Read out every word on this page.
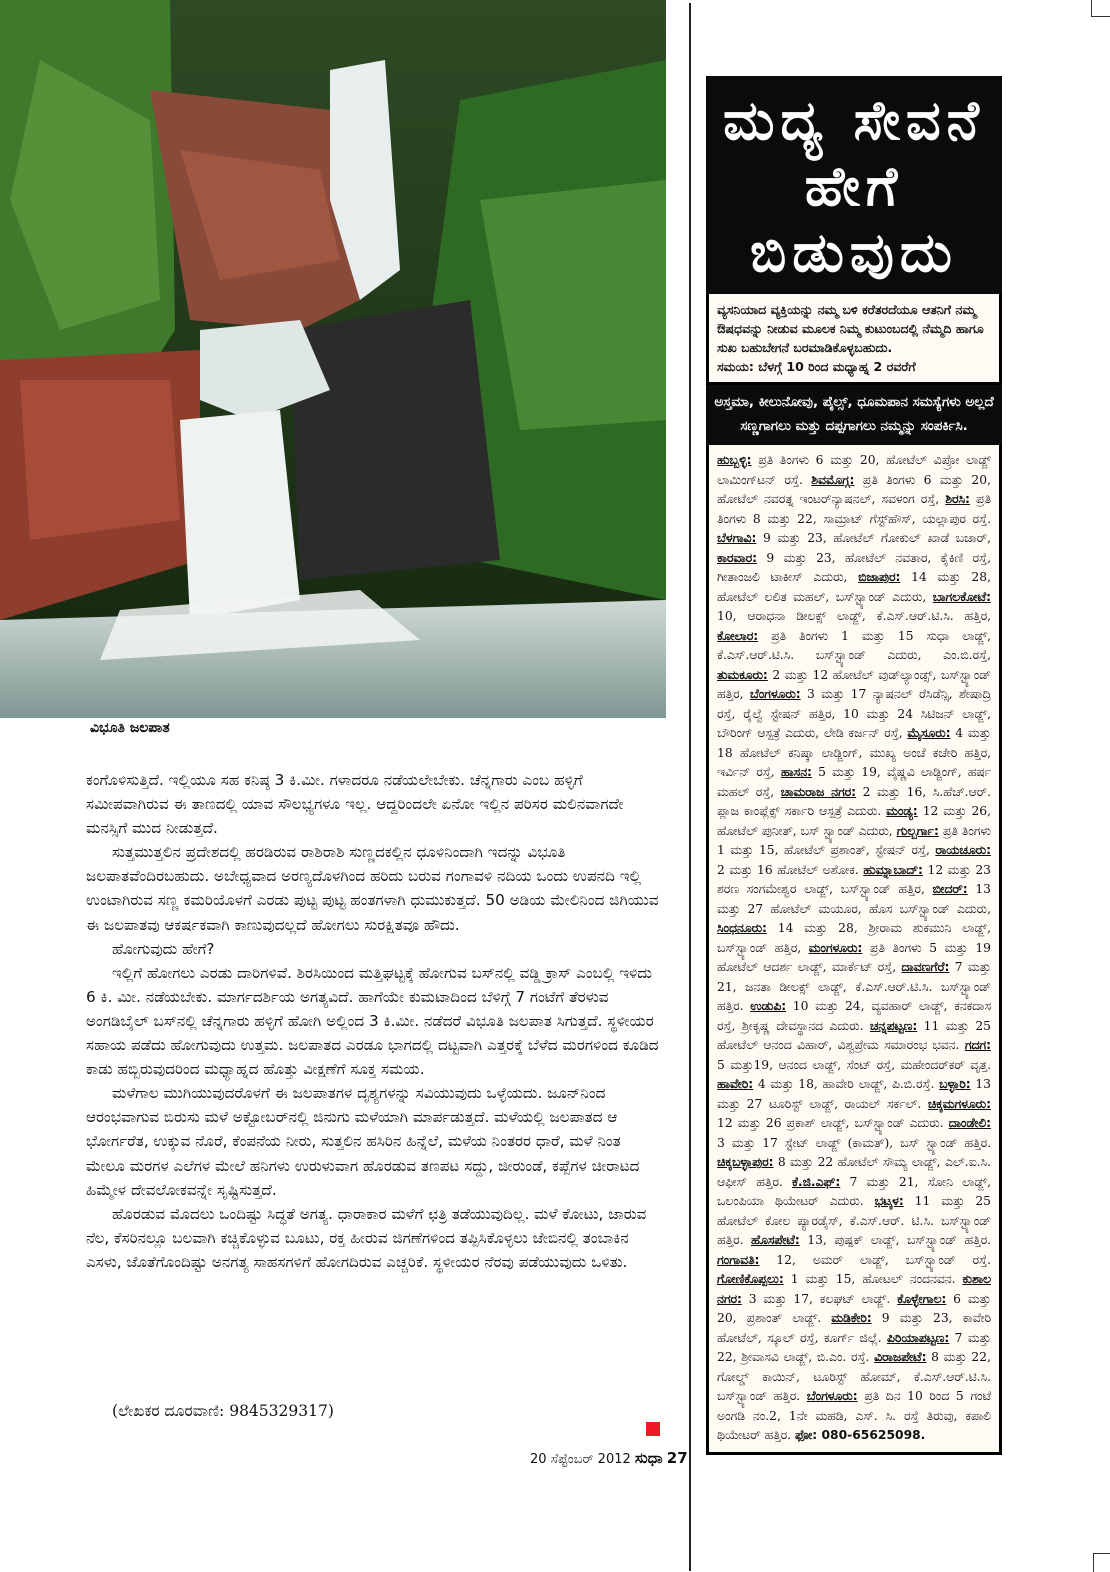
ವಿಭೂತಿ ಜಲಪಾತ

ಕಂಗೊಳಿಸುತ್ತಿದೆ. ಇಲ್ಲಿಯೂ ಸಹ ಕನಿಷ್ಠ 3 ಕಿ.ಮೀ. ಗಳಾದರೂ ನಡೆಯಲೇಬೇಕು. ಚೆನ್ನಗಾರು ಎಂಬ ಹಳ್ಳಿಗೆ ಸಮೀಪವಾಗಿರುವ ಈ ತಾಣದಲ್ಲಿ ಯಾವ ಸೌಲಭ್ಯಗಳೂ ಇಲ್ಲ. ಆದ್ದರಿಂದಲೇ ಏನೋ ಇಲ್ಲಿನ ಪರಿಸರ ಮಲಿನವಾಗದೇ ಮನಸ್ಸಿಗೆ ಮುದ ನೀಡುತ್ತದೆ.

ಸುತ್ತಮುತ್ತಲಿನ ಪ್ರದೇಶದಲ್ಲಿ ಹರಡಿರುವ ರಾಶಿರಾಶಿ ಸುಣ್ಣದಕಲ್ಲಿನ ಧೂಳಿನಿಂದಾಗಿ ಇದನ್ನು ವಿಭೂತಿ ಜಲಪಾತವೆಂದಿರಬಹುದು. ಅಬೇಧ್ಯವಾದ ಅರಣ್ಯದೊಳಗಿಂದ ಹರಿದು ಬರುವ ಗಂಗಾವಳಿ ನದಿಯ ಒಂದು ಉಪನದಿ ಇಲ್ಲಿ ಉಂಟಾಗಿರುವ ಸಣ್ಣ ಕಮರಿಯೊಳಗೆ ಎರಡು ಪುಟ್ಟ ಪುಟ್ಟ ಹಂತಗಳಾಗಿ ಧುಮುಕುತ್ತದೆ. 50 ಅಡಿಯ ಮೇಲಿನಿಂದ ಜಿಗಿಯುವ ಈ ಜಲಪಾತವು ಆಕರ್ಷಕವಾಗಿ ಕಾಣುವುದಲ್ಲದೆ ಹೋಗಲು ಸುರಕ್ಷಿತವೂ ಹೌದು.

ಹೋಗುವುದು ಹೇಗೆ?

ಇಲ್ಲಿಗೆ ಹೋಗಲು ಎರಡು ದಾರಿಗಳಿವೆ. ಶಿರಸಿಯಿಂದ ಮತ್ತಿಘಟ್ಟಕ್ಕೆ ಹೋಗುವ ಬಸ್‌ನಲ್ಲಿ ವಡ್ಡಿ ಕ್ರಾಸ್ ಎಂಬಲ್ಲಿ ಇಳಿದು 6 ಕಿ. ಮೀ. ನಡೆಯಬೇಕು. ಮಾರ್ಗದರ್ಶಿಯ ಅಗತ್ಯವಿದೆ. ಹಾಗೆಯೇ ಕುಮಟಾದಿಂದ ಬೆಳಿಗ್ಗೆ 7 ಗಂಟೆಗೆ ತೆರಳುವ ಅಂಗಡಿಬೈಲ್ ಬಸ್‌ನಲ್ಲಿ ಚೆನ್ನಗಾರು ಹಳ್ಳಿಗೆ ಹೋಗಿ ಅಲ್ಲಿಂದ 3 ಕಿ.ಮೀ. ನಡೆದರೆ ವಿಭೂತಿ ಜಲಪಾತ ಸಿಗುತ್ತದೆ. ಸ್ಥಳೀಯರ ಸಹಾಯ ಪಡೆದು ಹೋಗುವುದು ಉತ್ತಮ. ಜಲಪಾತದ ಎರಡೂ ಭಾಗದಲ್ಲಿ ದಟ್ಟವಾಗಿ ಎತ್ತರಕ್ಕೆ ಬೆಳೆದ ಮರಗಳಿಂದ ಕೂಡಿದ ಕಾಡು ಹಬ್ಬಿರುವುದರಿಂದ ಮಧ್ಯಾಹ್ನದ ಹೊತ್ತು ವೀಕ್ಷಣೆಗೆ ಸೂಕ್ತ ಸಮಯ.

ಮಳೆಗಾಲ ಮುಗಿಯುವುದರೊಳಗೆ ಈ ಜಲಪಾತಗಳ ದೃಶ್ಯಗಳನ್ನು ಸವಿಯುವುದು ಒಳ್ಳೆಯದು. ಜೂನ್‌ನಿಂದ ಆರಂಭವಾಗುವ ಬಿರುಸು ಮಳೆ ಅಕ್ಟೋಬರ್‌ನಲ್ಲಿ ಜಿನುಗು ಮಳೆಯಾಗಿ ಮಾರ್ಪಡುತ್ತದೆ. ಮಳೆಯಲ್ಲಿ ಜಲಪಾತದ ಆ ಭೋರ್ಗರೆತ, ಉಕ್ಕುವ ನೊರೆ, ಕೆಂಪನೆಯ ನೀರು, ಸುತ್ತಲಿನ ಹಸಿರಿನ ಹಿನ್ನೆಲೆ, ಮಳೆಯ ನಿಂತರರ ಧಾರೆ, ಮಳೆ ನಿಂತ ಮೇಲೂ ಮರಗಳ ಎಲೆಗಳ ಮೇಲೆ ಹನಿಗಳು ಉರುಳುವಾಗ ಹೊರಡುವ ತಣಪಟ ಸದ್ದು, ಜೀರುಂಡೆ, ಕಪ್ಪೆಗಳ ಚೀರಾಟದ ಹಿಮ್ಮೇಳ ದೇವಲೋಕವನ್ನೇ ಸೃಷ್ಟಿಸುತ್ತದೆ.

ಹೊರಡುವ ಮೊದಲು ಒಂದಿಷ್ಟು ಸಿದ್ಧತೆ ಅಗತ್ಯ. ಧಾರಾಕಾರ ಮಳೆಗೆ ಛತ್ರಿ ತಡೆಯುವುದಿಲ್ಲ. ಮಳೆ ಕೋಟು, ಜಾರುವ ನೆಲ, ಕೆಸರಿನಲ್ಲೂ ಬಲವಾಗಿ ಕಚ್ಚಿಕೊಳ್ಳುವ ಬೂಟು, ರಕ್ತ ಹೀರುವ ಜಿಗಣೆಗಳಿಂದ ತಪ್ಪಿಸಿಕೊಳ್ಳಲು ಜೇಬಿನಲ್ಲಿ ತಂಬಾಕಿನ ಎಸಳು, ಜೊತೆಗೊಂದಿಷ್ಟು ಅನಗತ್ಯ ಸಾಹಸಗಳಿಗೆ ಹೋಗದಿರುವ ಎಚ್ಚರಿಕೆ. ಸ್ಥಳೀಯರ ನೆರವು ಪಡೆಯುವುದು ಒಳಿತು.

(ಲೇಖಕರ ದೂರವಾಣಿ: 9845329317)
20 ಸೆಪ್ಟೆಂಬರ್ 2012 ಸುಧಾ 27
ಮದ್ಯ ಸೇವನೆ
ಹೇಗೆ ಬಿಡುವುದು
ವ್ಯಸನಿಯಾದ ವ್ಯಕ್ತಿಯನ್ನು ನಮ್ಮ ಬಳಿ ಕರೆತರದೆಯೂ ಆತನಿಗೆ ನಮ್ಮ ಔಷಧವನ್ನು ನೀಡುವ ಮೂಲಕ ನಿಮ್ಮ ಕುಟುಂಬದಲ್ಲಿ ನೆಮ್ಮದಿ ಹಾಗೂ ಸುಖ ಬಹುಬೇಗನೆ ಬರಮಾಡಿಕೊಳ್ಳಬಹುದು.
ಸಮಯ: ಬೆಳಗ್ಗೆ 10 ರಿಂದ ಮಧ್ಯಾಹ್ನ 2 ರವರೆಗೆ
ಅಸ್ತಮಾ, ಕೀಲುನೋವು, ಪೈಲ್ಸ್, ಧೂಮಪಾನ ಸಮಸ್ಯೆಗಳು ಅಲ್ಲದೆ ಸಣ್ಣಗಾಗಲು ಮತ್ತು ದಪ್ಪಗಾಗಲು ನಮ್ಮನ್ನು ಸಂಪರ್ಕಿಸಿ.
ಹುಬ್ಬಳ್ಳಿ: ಪ್ರತಿ ತಿಂಗಳು 6 ಮತ್ತು 20, ಹೋಟೆಲ್ ವಿಪ್ರೋ ಲಾಡ್ಜ್ ಲಾಮಿಂಗ್‌ಟನ್ ರಸ್ತೆ. ಶಿವಮೊಗ್ಗ: ಪ್ರತಿ ತಿಂಗಳು 6 ಮತ್ತು 20, ಹೋಟೆಲ್ ನವರತ್ನ ಇಂಟರ್‌ನ್ಯಾಷನಲ್, ಸವಳಂಗ ರಸ್ತೆ, ಶಿರಸಿ: ಪ್ರತಿ ತಿಂಗಳು 8 ಮತ್ತು 22, ಸಾಮ್ರಾಟ್ ಗೆಸ್ಟ್‌ಹೌಸ್, ಯಲ್ಲಾಪುರ ರಸ್ತೆ. ಬೆಳಗಾವಿ: 9 ಮತ್ತು 23, ಹೋಟೆಲ್ ಗೋಕುಲ್ ಖಾಡೆ ಬಜಾರ್, ಕಾರವಾರ: 9 ಮತ್ತು 23, ಹೋಟೆಲ್ ನವತಾರ, ಕೈಕಿಣಿ ರಸ್ತೆ, ಗೀತಾಂಜಲಿ ಟಾಕೀಸ್ ಎದುರು, ಬಿಜಾಪುರ: 14 ಮತ್ತು 28, ಹೋಟೆಲ್ ಲಲಿತ ಮಹಲ್, ಬಸ್‌ಸ್ಟ್ಯಾಂಡ್ ಎದುರು, ಬಾಗಲಕೋಟೆ: 10, ಆರಾಧನಾ ಡೀಲಕ್ಸ್ ಲಾಡ್ಜ್, ಕೆ.ಎಸ್.ಆರ್.ಟಿ.ಸಿ. ಹತ್ತಿರ, ಕೋಲಾರ: ಪ್ರತಿ ತಿಂಗಳು 1 ಮತ್ತು 15 ಸುಧಾ ಲಾಡ್ಜ್, ಕೆ.ಎಸ್.ಆರ್.ಟಿ.ಸಿ. ಬಸ್‌ಸ್ಟ್ಯಾಂಡ್ ಎದುರು, ಎಂ.ಬಿ.ರಸ್ತೆ, ತುಮಕೂರು: 2 ಮತ್ತು 12 ಹೋಟೆಲ್ ವುಡ್‌ಲ್ಯಾಂಡ್ಸ್, ಬಸ್‌ಸ್ಟ್ಯಾಂಡ್ ಹತ್ತಿರ, ಬೆಂಗಳೂರು: 3 ಮತ್ತು 17 ನ್ಯಾಷನಲ್ ರೆಸಿಡೆನ್ಸಿ, ಶೇಷಾದ್ರಿ ರಸ್ತೆ, ರೈಲ್ವೆ ಸ್ಟೇಷನ್ ಹತ್ತಿರ, 10 ಮತ್ತು 24 ಸಿಟಿಜನ್ ಲಾಡ್ಜ್, ಬೌರಿಂಗ್ ಆಸ್ಪತ್ರೆ ಎದುರು, ಲೇಡಿ ಕರ್ಜನ್ ರಸ್ತೆ, ಮೈಸೂರು: 4 ಮತ್ತು 18 ಹೋಟೆಲ್ ಕನಿಷ್ಕಾ ಲಾಡ್ಜಿಂಗ್, ಮುಖ್ಯ ಅಂಚೆ ಕಚೇರಿ ಹತ್ತಿರ, ಇರ್ವಿನ್ ರಸ್ತೆ, ಹಾಸನ: 5 ಮತ್ತು 19, ವೈಷ್ಣವಿ ಲಾಡ್ಜಿಂಗ್, ಹರ್ಷ ಮಹಲ್ ರಸ್ತೆ, ಚಾಮರಾಜ ನಗರ: 2 ಮತ್ತು 16, ಸಿ.ಹೆಚ್.ಆರ್. ಪ್ಲಾಜ ಕಾಂಪ್ಲೆಕ್ಸ್ ಸರ್ಕಾರಿ ಆಸ್ಪತ್ರೆ ಎದುರು. ಮಂಡ್ಯ: 12 ಮತ್ತು 26, ಹೋಟೆಲ್ ಪುನೀತ್, ಬಸ್ ಸ್ಟ್ಯಾಂಡ್ ಎದುರು, ಗುಲ್ಬರ್ಗಾ: ಪ್ರತಿ ತಿಂಗಳು 1 ಮತ್ತು 15, ಹೋಟೆಲ್ ಪ್ರಶಾಂತ್, ಸ್ಟೇಷನ್ ರಸ್ತೆ, ರಾಯಚೂರು: 2 ಮತ್ತು 16 ಹೋಟೆಲ್ ಅಶೋಕ. ಹುಮ್ನಾಬಾದ್: 12 ಮತ್ತು 23 ಶರಣ ಸಂಗಮೇಶ್ವರ ಲಾಡ್ಜ್, ಬಸ್‌ಸ್ಟ್ಯಾಂಡ್ ಹತ್ತಿರ, ಬೀದರ್: 13 ಮತ್ತು 27 ಹೋಟೆಲ್ ಮಯೂರ, ಹೊಸ ಬಸ್‌ಸ್ಟ್ಯಾಂಡ್ ಎದುರು, ಸಿಂಧನೂರು: 14 ಮತ್ತು 28, ಶ್ರೀರಾಮ ಶುಕಮುನಿ ಲಾಡ್ಜ್, ಬಸ್‌ಸ್ಟ್ಯಾಂಡ್ ಹತ್ತಿರ, ಮಂಗಳೂರು: ಪ್ರತಿ ತಿಂಗಳು 5 ಮತ್ತು 19 ಹೋಟೆಲ್ ಆದರ್ಶ ಲಾಡ್ಜ್, ಮಾರ್ಕೆಟ್ ರಸ್ತೆ, ದಾವಣಗೆರೆ: 7 ಮತ್ತು 21, ಜನತಾ ಡೀಲಕ್ಸ್ ಲಾಡ್ಜ್, ಕೆ.ಎಸ್.ಆರ್.ಟಿ.ಸಿ. ಬಸ್‌ಸ್ಟ್ಯಾಂಡ್ ಹತ್ತಿರ. ಉಡುಪಿ: 10 ಮತ್ತು 24, ವ್ಯವಹಾರ್ ಲಾಡ್ಜ್, ಕನಕದಾಸ ರಸ್ತೆ, ಶ್ರೀಕೃಷ್ಣ ದೇವಸ್ಥಾನದ ಎದುರು. ಚನ್ನಪಟ್ಟಣ: 11 ಮತ್ತು 25 ಹೋಟೆಲ್ ಆನಂದ ವಿಹಾರ್, ವಿಶ್ವಪ್ರೇಮ ಸಮಾರಂಭ ಭವನ. ಗದಗ: 5 ಮತ್ತು19, ಆನಂದ ಲಾಡ್ಜ್, ಸೆಂಟ್ ರಸ್ತೆ, ಮಹೇಂದರ್‌ಕರ್ ವೃತ್ತ. ಹಾವೇರಿ: 4 ಮತ್ತು 18, ಹಾವೇರಿ ಲಾಡ್ಜ್, ಪಿ.ಬಿ.ರಸ್ತೆ. ಬಳ್ಳಾರಿ: 13 ಮತ್ತು 27 ಟೂರಿಸ್ಟ್ ಲಾಡ್ಜ್, ರಾಯಲ್ ಸರ್ಕಲ್. ಚಿಕ್ಕಮಗಳೂರು: 12 ಮತ್ತು 26 ಪ್ರಕಾಶ್ ಲಾಡ್ಜ್, ಬಸ್‌ಸ್ಟ್ಯಾಂಡ್ ಎದುರು. ದಾಂಡೇಲಿ: 3 ಮತ್ತು 17 ಸ್ಟೇಟ್ ಲಾಡ್ಜ್ (ಕಾಮತ್), ಬಸ್ ಸ್ಟ್ಯಾಂಡ್ ಹತ್ತಿರ. ಚಿಕ್ಕಬಳ್ಳಾಪುರ: 8 ಮತ್ತು 22 ಹೋಟೆಲ್ ಸೌಮ್ಯ ಲಾಡ್ಜ್, ಎಲ್.ಐ.ಸಿ. ಆಫೀಸ್ ಹತ್ತಿರ. ಕೆ.ಜಿ.ಎಫ್: 7 ಮತ್ತು 21, ಸೋನಿ ಲಾಡ್ಜ್, ಒಲಂಪಿಯಾ ಥಿಯೇಟರ್ ಎದುರು. ಭಟ್ಕಳ: 11 ಮತ್ತು 25 ಹೋಟೆಲ್ ಕೋಲ ಪ್ಯಾರಡೈಸ್, ಕೆ.ಎಸ್.ಆರ್. ಟಿ.ಸಿ. ಬಸ್‌ಸ್ಟ್ಯಾಂಡ್ ಹತ್ತಿರ. ಹೊಸಪೇಟೆ: 13, ಪುಷ್ಪಕ್ ಲಾಡ್ಜ್, ಬಸ್‌ಸ್ಟ್ಯಾಂಡ್ ಹತ್ತಿರ. ಗಂಗಾವತಿ: 12, ಅಮರ್ ಲಾಡ್ಜ್, ಬಸ್‌ಸ್ಟ್ಯಾಂಡ್ ರಸ್ತೆ. ಗೋಣಿಕೊಪ್ಪಲು: 1 ಮತ್ತು 15, ಹೋಟಲ್ ನಂದನವನ. ಕುಶಾಲ ನಗರ: 3 ಮತ್ತು 17, ಕಲಘಟ್ ಲಾಡ್ಜ್. ಕೊಳ್ಳೇಗಾಲ: 6 ಮತ್ತು 20, ಪ್ರಶಾಂತ್ ಲಾಡ್ಜ್. ಮಡಿಕೇರಿ: 9 ಮತ್ತು 23, ಕಾವೇರಿ ಹೋಟೆಲ್, ಸ್ಕೂಲ್ ರಸ್ತೆ, ಕೂರ್ಗ್ ಜಿಲ್ಲೆ. ಪಿರಿಯಾಪಟ್ಟಣ: 7 ಮತ್ತು 22, ಶ್ರೀವಾಸವಿ ಲಾಡ್ಜ್, ಬಿ.ಎಂ. ರಸ್ತೆ. ವಿರಾಜಪೇಟೆ: 8 ಮತ್ತು 22, ಗೋಲ್ಡ್ ಕಾಯಿನ್, ಟೂರಿಸ್ಟ್ ಹೋಮ್, ಕೆ.ಎಸ್.ಆರ್.ಟಿ.ಸಿ. ಬಸ್‌ಸ್ಟ್ಯಾಂಡ್ ಹತ್ತಿರ. ಬೆಂಗಳೂರು: ಪ್ರತಿ ದಿನ 10 ರಿಂದ 5 ಗಂಟೆ ಅಂಗಡಿ ನಂ.2, 1ನೇ ಮಹಡಿ, ಎಸ್. ಸಿ. ರಸ್ತೆ ತಿರುವು, ಕಪಾಲಿ ಥಿಯೇಟರ್ ಹತ್ತಿರ. ಫೋ: 080-65625098.
